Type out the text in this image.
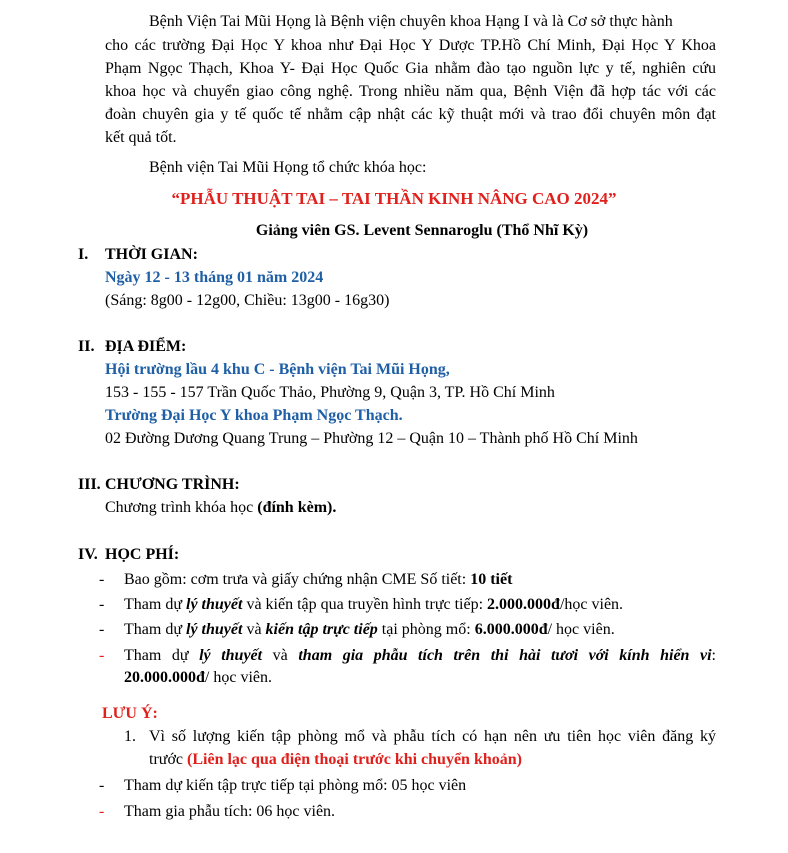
Bệnh Viện Tai Mũi Họng là Bệnh viện chuyên khoa Hạng I và là Cơ sở thực hành
cho các trường Đại Học Y khoa như Đại Học Y Dược TP.Hồ Chí Minh, Đại Học Y Khoa
Phạm Ngọc Thạch, Khoa Y- Đại Học Quốc Gia nhằm đào tạo nguồn lực y tế, nghiên cứu
khoa học và chuyển giao công nghệ. Trong nhiều năm qua, Bệnh Viện đã hợp tác với các
đoàn chuyên gia y tế quốc tế nhằm cập nhật các kỹ thuật mới và trao đổi chuyên môn đạt
kết quả tốt.
Bệnh viện Tai Mũi Họng tổ chức khóa học:
“PHẪU THUẬT TAI – TAI THẦN KINH NÂNG CAO 2024”
Giảng viên GS. Levent Sennaroglu (Thổ Nhĩ Kỳ)
I. THỜI GIAN:
Ngày 12 - 13 tháng 01 năm 2024
(Sáng: 8g00 - 12g00, Chiều: 13g00 - 16g30)
II. ĐỊA ĐIỂM:
Hội trường lầu 4 khu C - Bệnh viện Tai Mũi Họng,
153 - 155 - 157 Trần Quốc Thảo, Phường 9, Quận 3, TP. Hồ Chí Minh
Trường Đại Học Y khoa Phạm Ngọc Thạch.
02 Đường Dương Quang Trung – Phường 12 – Quận 10 – Thành phố Hồ Chí Minh
III. CHƯƠNG TRÌNH:
Chương trình khóa học (đính kèm).
IV. HỌC PHÍ:
- Bao gồm: cơm trưa và giấy chứng nhận CME Số tiết: 10 tiết
- Tham dự lý thuyết và kiến tập qua truyền hình trực tiếp: 2.000.000đ/học viên.
- Tham dự lý thuyết và kiến tập trực tiếp tại phòng mổ: 6.000.000đ/ học viên.
- Tham dự lý thuyết và tham gia phẫu tích trên thi hài tươi với kính hiển vi:
20.000.000đ/ học viên.
LƯU Ý:
1. Vì số lượng kiến tập phòng mổ và phẫu tích có hạn nên ưu tiên học viên đăng ký
trước (Liên lạc qua điện thoại trước khi chuyển khoản)
- Tham dự kiến tập trực tiếp tại phòng mổ: 05 học viên
- Tham gia phẫu tích: 06 học viên.
